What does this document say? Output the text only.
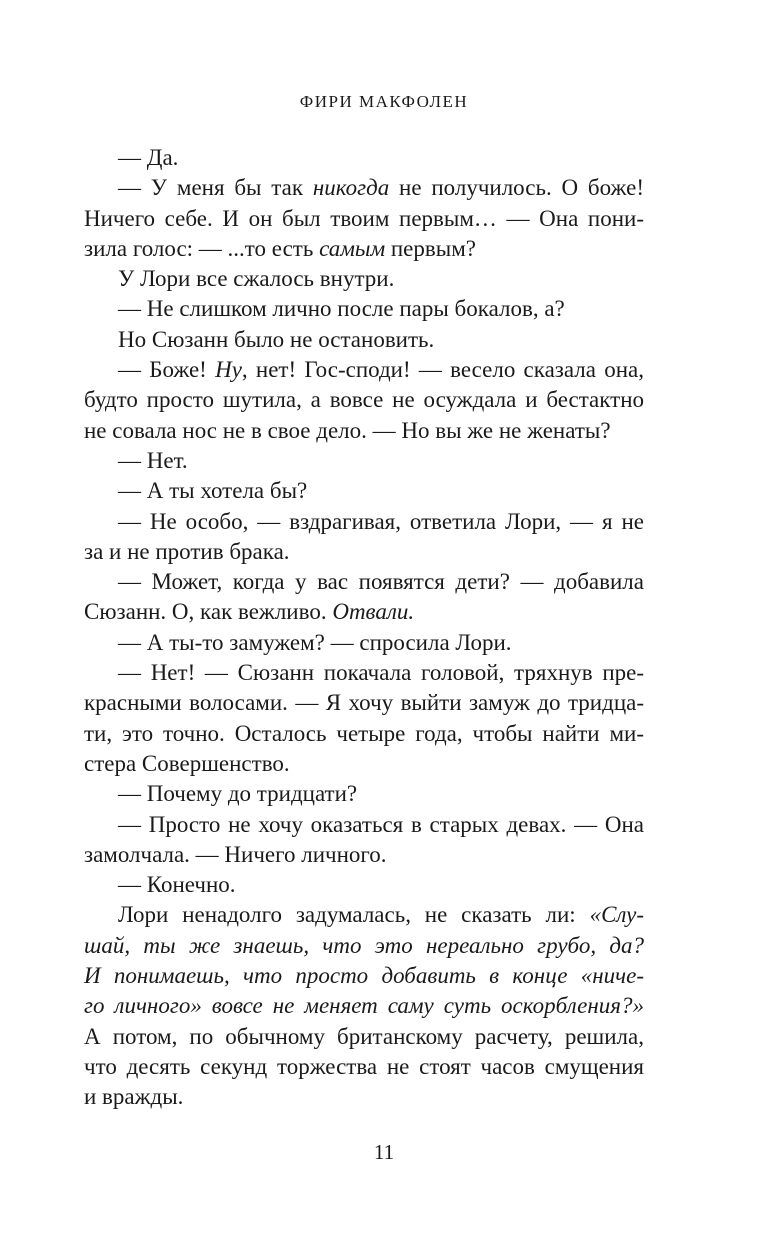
ФИРИ МАКФОЛЕН

— Да.
— У меня бы так никогда не получилось. О боже!
Ничего себе. И он был твоим первым… — Она пони-
зила голос: — ...то есть самым первым?
У Лори все сжалось внутри.
— Не слишком лично после пары бокалов, а?
Но Сюзанн было не остановить.
— Боже! Ну, нет! Гос-споди! — весело сказала она,
будто просто шутила, а вовсе не осуждала и бестактно
не совала нос не в свое дело. — Но вы же не женаты?
— Нет.
— А ты хотела бы?
— Не особо, — вздрагивая, ответила Лори, — я не
за и не против брака.
— Может, когда у вас появятся дети? — добавила
Сюзанн. О, как вежливо. Отвали.
— А ты-то замужем? — спросила Лори.
— Нет! — Сюзанн покачала головой, тряхнув пре-
красными волосами. — Я хочу выйти замуж до тридца-
ти, это точно. Осталось четыре года, чтобы найти ми-
стера Совершенство.
— Почему до тридцати?
— Просто не хочу оказаться в старых девах. — Она
замолчала. — Ничего личного.
— Конечно.
Лори ненадолго задумалась, не сказать ли: «Слу-
шай, ты же знаешь, что это нереально грубо, да?
И понимаешь, что просто добавить в конце «ниче-
го личного» вовсе не меняет саму суть оскорбления?»
А потом, по обычному британскому расчету, решила,
что десять секунд торжества не стоят часов смущения
и вражды.

11
